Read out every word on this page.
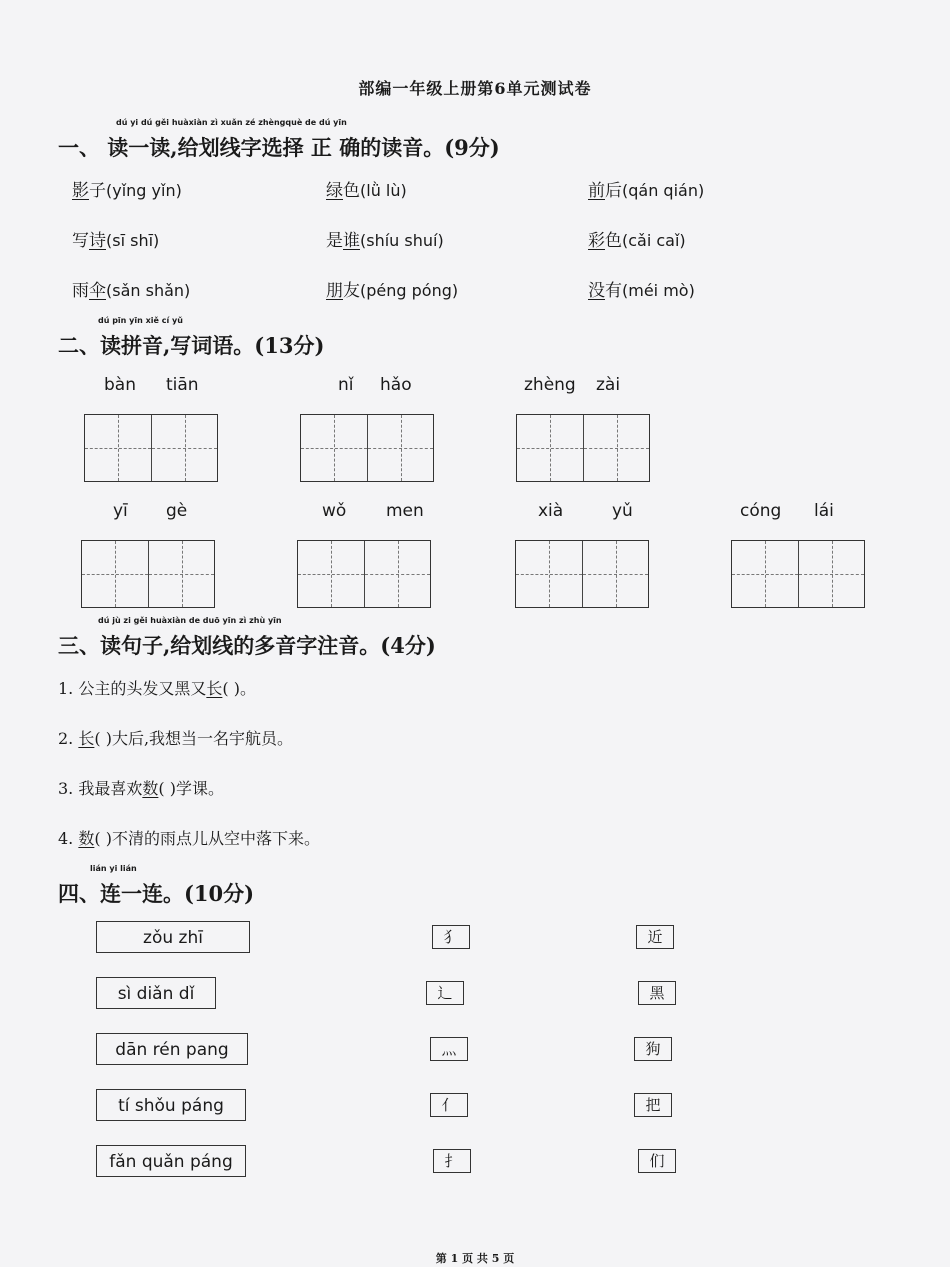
部编一年级上册第6单元测试卷
dú yi dú gěi huàxiàn zì xuǎn zé zhèngquè de dú yīn
一、 读一读,给划线字选择 正 确的读音。(9分)
影子(yǐng yǐn)	绿色(lǜ lù)	前后(qán qián)
写诗(sī shī)	是谁(shíu shuí)	彩色(cǎi caǐ)
雨伞(sǎn shǎn)	朋友(péng póng)	没有(méi mò)
dú pīn yīn xiě cí yǔ
二、读拼音,写词语。(13分)
bàn tiān	nǐ hǎo	zhèng zài
yī gè	wǒ men	xià	yǔ	cóng lái
dú jù zi gěi huàxiàn de duō yīn zì zhù yīn
三、读句子,给划线的多音字注音。(4分)
1. 公主的头发又黑又长( )。
2. 长( )大后,我想当一名宇航员。
3. 我最喜欢数( )学课。
4. 数( )不清的雨点儿从空中落下来。
lián yi lián
四、连一连。(10分)
zǒu zhī
sì diǎn dǐ
dān rén pang
tí shǒu páng
fǎn quǎn páng
犭
辶
灬
亻
扌
近
黑
狗
把
们
第 1 页 共 5 页
